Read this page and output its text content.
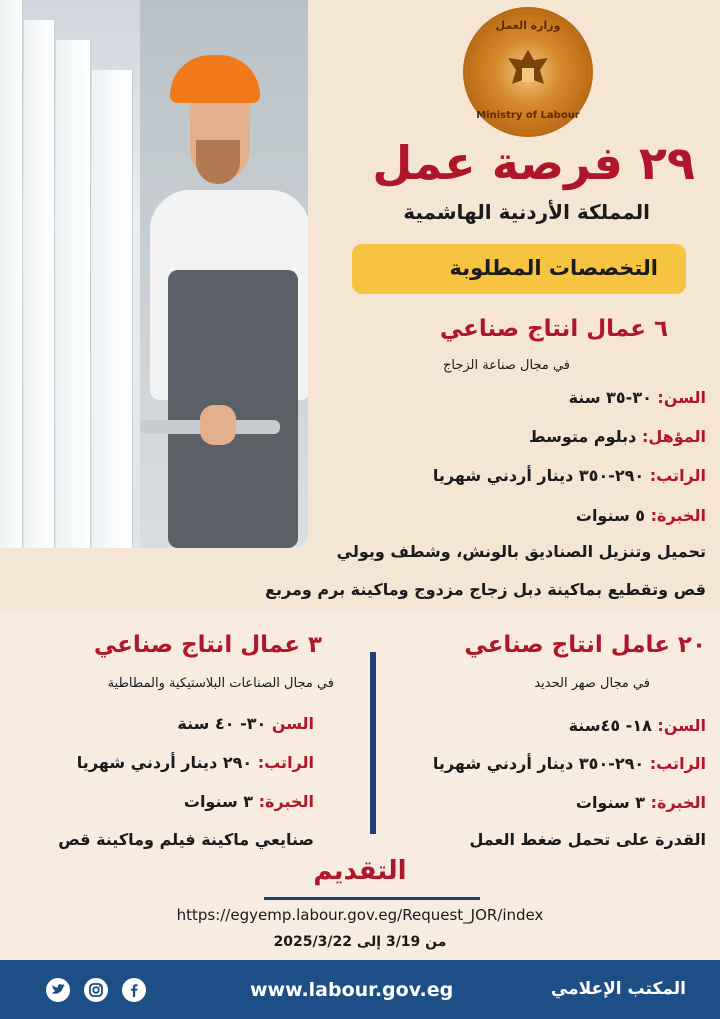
وزارة العمل
Ministry of Labour
٢٩ فرصة عمل
المملكة الأردنية الهاشمية
التخصصات المطلوبة
٦ عمال انتاج صناعي
في مجال صناعة الزجاج
السن: ٣٠-٣٥ سنة
المؤهل: دبلوم متوسط
الراتب: ٢٩٠-٣٥٠ دينار أردني شهريا
الخبرة: ٥ سنوات
تحميل وتنزيل الصناديق بالونش، وشطف ويولي
قص وتقطيع بماكينة دبل زجاج مزدوج وماكينة برم ومربع
٢٠ عامل انتاج صناعي
في مجال صهر الحديد
السن: ١٨- ٤٥سنة
الراتب: ٢٩٠-٣٥٠ دينار أردني شهريا
الخبرة: ٣ سنوات
القدرة على تحمل ضغط العمل
٣ عمال انتاج صناعي
في مجال الصناعات البلاستيكية والمطاطية
السن ٣٠- ٤٠ سنة
الراتب: ٢٩٠ دينار أردني شهريا
الخبرة: ٣ سنوات
صنايعي ماكينة فيلم وماكينة قص
التقديم
https://egyemp.labour.gov.eg/Request_JOR/index
من 3/19 إلى 2025/3/22
www.labour.gov.eg	المكتب الإعلامي
